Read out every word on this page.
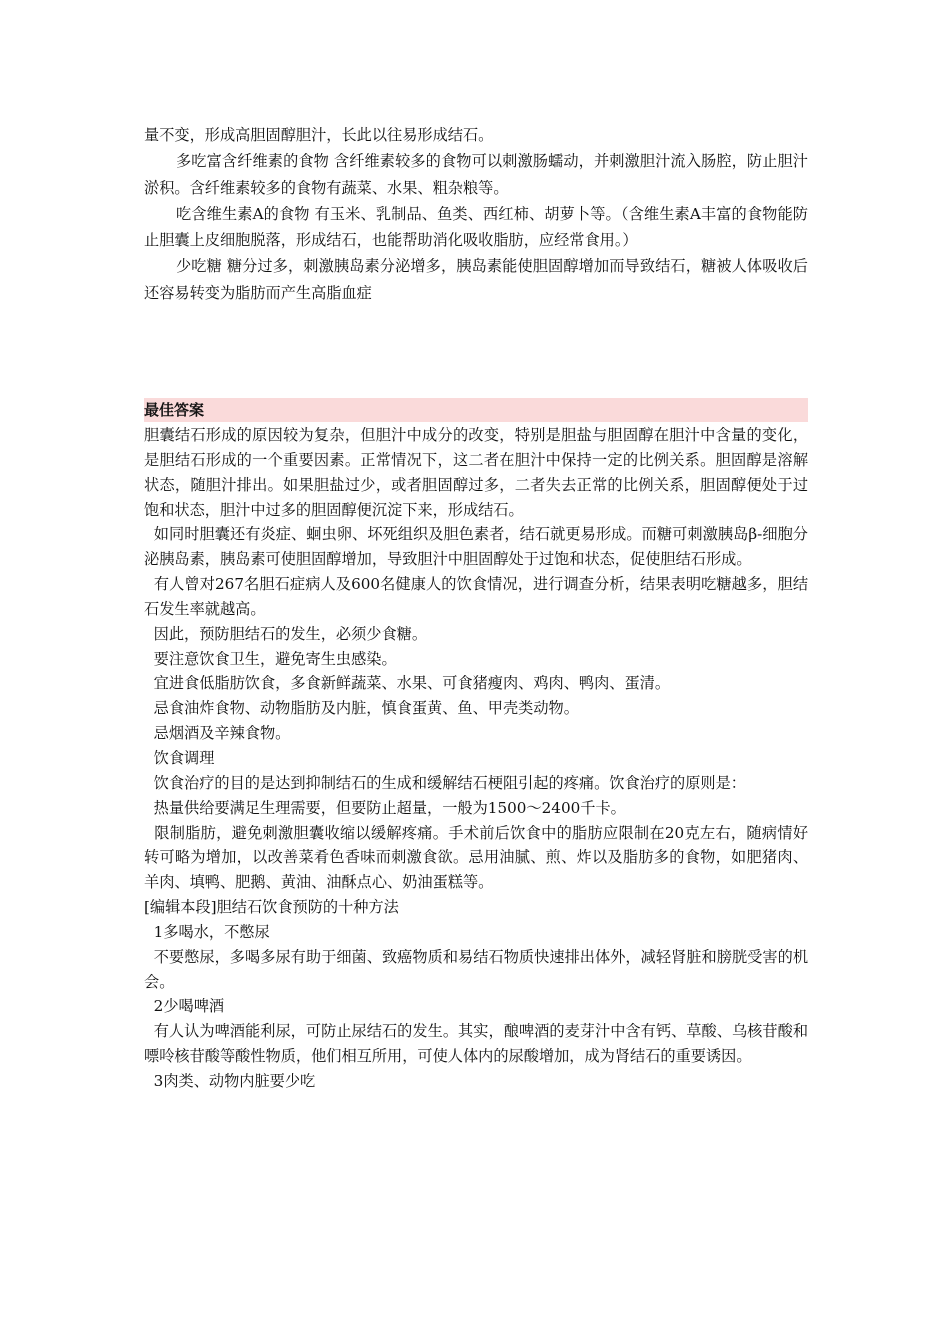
量不变，形成高胆固醇胆汁，长此以往易形成结石。

多吃富含纤维素的食物 含纤维素较多的食物可以刺激肠蠕动，并刺激胆汁流入肠腔，防止胆汁淤积。含纤维素较多的食物有蔬菜、水果、粗杂粮等。

吃含维生素A的食物 有玉米、乳制品、鱼类、西红柿、胡萝卜等。（含维生素A丰富的食物能防止胆囊上皮细胞脱落，形成结石，也能帮助消化吸收脂肪，应经常食用。）

少吃糖 糖分过多，刺激胰岛素分泌增多，胰岛素能使胆固醇增加而导致结石，糖被人体吸收后还容易转变为脂肪而产生高脂血症

最佳答案

胆囊结石形成的原因较为复杂，但胆汁中成分的改变，特别是胆盐与胆固醇在胆汁中含量的变化，是胆结石形成的一个重要因素。正常情况下，这二者在胆汁中保持一定的比例关系。胆固醇是溶解状态，随胆汁排出。如果胆盐过少，或者胆固醇过多，二者失去正常的比例关系，胆固醇便处于过饱和状态，胆汁中过多的胆固醇便沉淀下来，形成结石。

如同时胆囊还有炎症、蛔虫卵、坏死组织及胆色素者，结石就更易形成。而糖可刺激胰岛β-细胞分泌胰岛素，胰岛素可使胆固醇增加，导致胆汁中胆固醇处于过饱和状态，促使胆结石形成。

有人曾对267名胆石症病人及600名健康人的饮食情况，进行调查分析，结果表明吃糖越多，胆结石发生率就越高。

因此，预防胆结石的发生，必须少食糖。

要注意饮食卫生，避免寄生虫感染。

宜进食低脂肪饮食，多食新鲜蔬菜、水果、可食猪瘦肉、鸡肉、鸭肉、蛋清。

忌食油炸食物、动物脂肪及内脏，慎食蛋黄、鱼、甲壳类动物。

忌烟酒及辛辣食物。

饮食调理

饮食治疗的目的是达到抑制结石的生成和缓解结石梗阻引起的疼痛。饮食治疗的原则是：

热量供给要满足生理需要，但要防止超量，一般为1500～2400千卡。

限制脂肪，避免刺激胆囊收缩以缓解疼痛。手术前后饮食中的脂肪应限制在20克左右，随病情好转可略为增加，以改善菜肴色香味而刺激食欲。忌用油腻、煎、炸以及脂肪多的食物，如肥猪肉、羊肉、填鸭、肥鹅、黄油、油酥点心、奶油蛋糕等。

[编辑本段]胆结石饮食预防的十种方法

1多喝水，不憋尿

不要憋尿，多喝多尿有助于细菌、致癌物质和易结石物质快速排出体外，减轻肾脏和膀胱受害的机会。

2少喝啤酒

有人认为啤酒能利尿，可防止尿结石的发生。其实，酿啤酒的麦芽汁中含有钙、草酸、乌核苷酸和嘌呤核苷酸等酸性物质，他们相互所用，可使人体内的尿酸增加，成为肾结石的重要诱因。

3肉类、动物内脏要少吃
